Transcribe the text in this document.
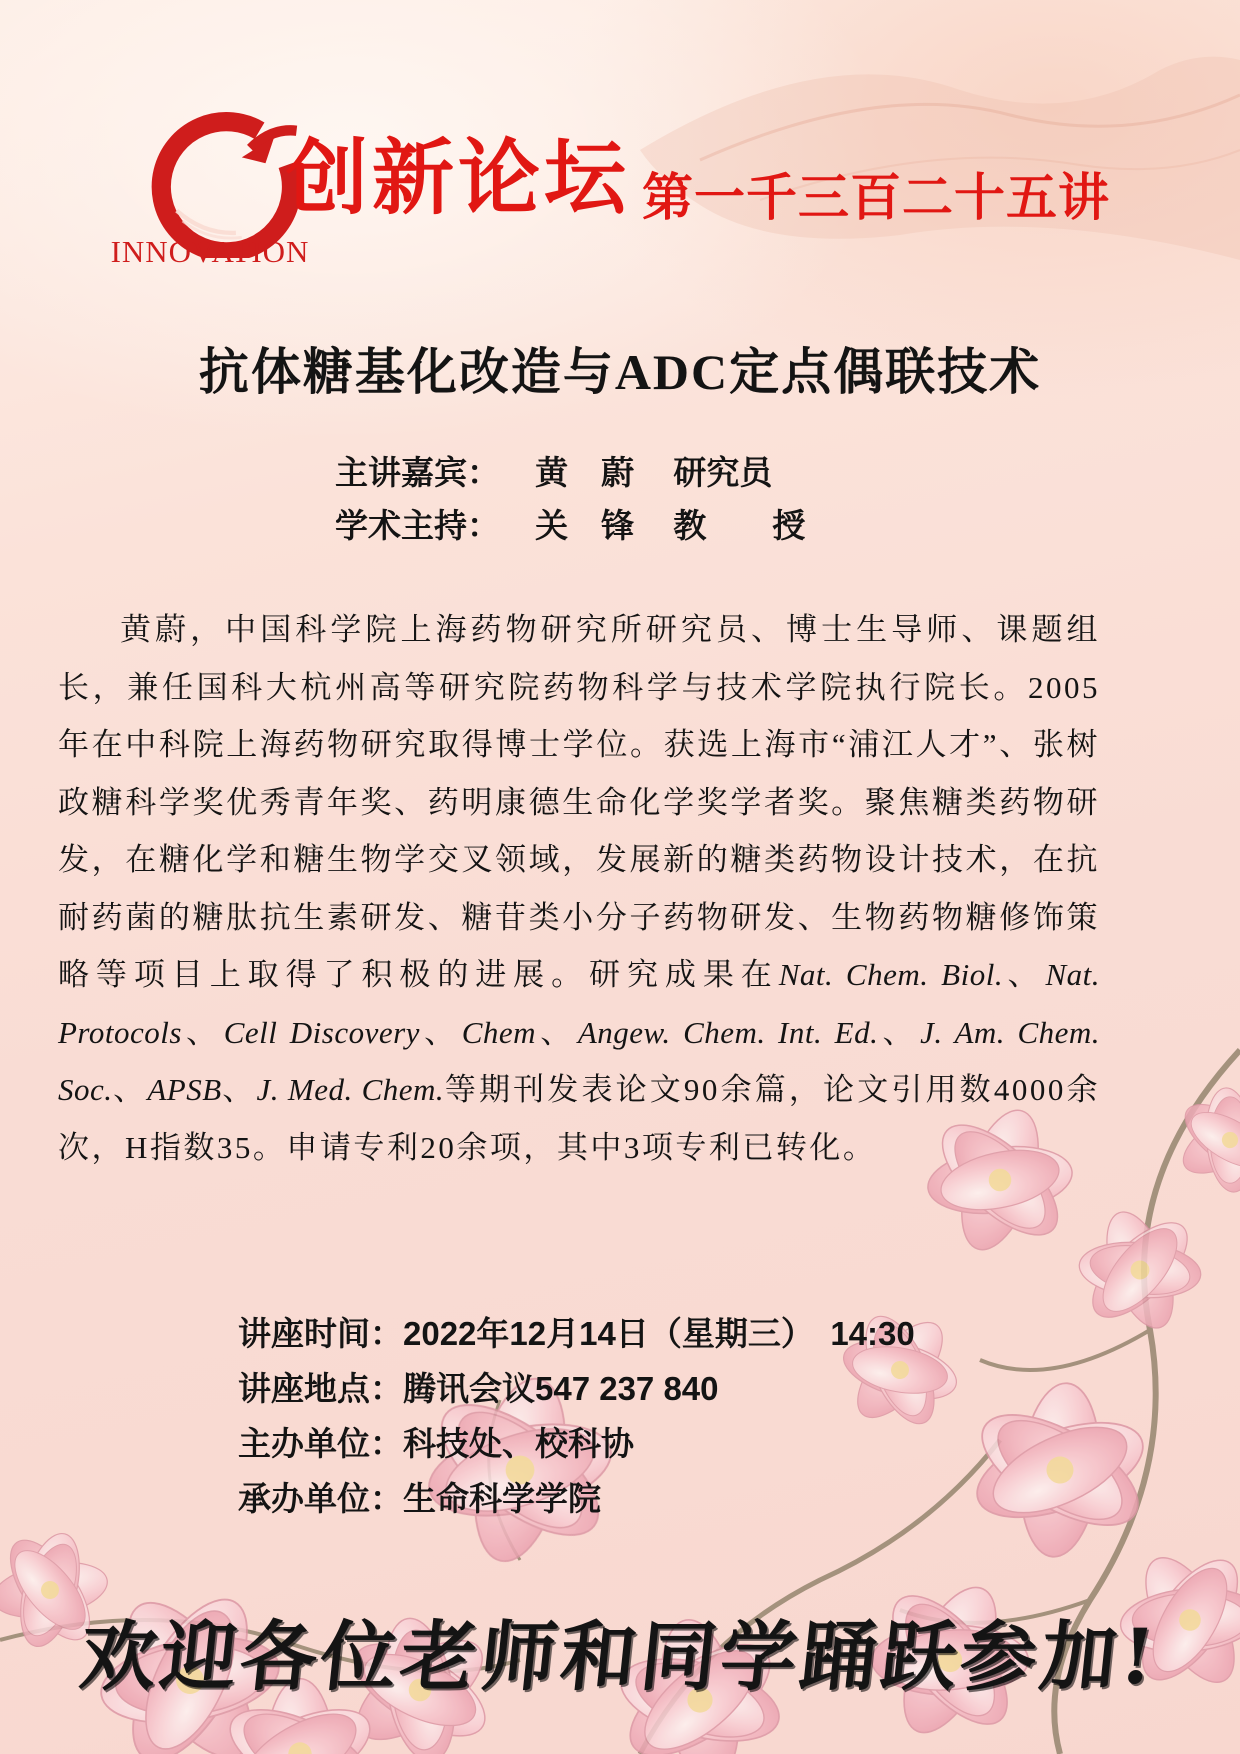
INNOVATION
创新论坛 第一千三百二十五讲
抗体糖基化改造与ADC定点偶联技术
主讲嘉宾： 黄　蔚 研究员
学术主持： 关　锋 教　　授

黄蔚，中国科学院上海药物研究所研究员、博士生导师、课题组长，兼任国科大杭州高等研究院药物科学与技术学院执行院长。2005年在中科院上海药物研究取得博士学位。获选上海市“浦江人才”、张树政糖科学奖优秀青年奖、药明康德生命化学奖学者奖。聚焦糖类药物研发，在糖化学和糖生物学交叉领域，发展新的糖类药物设计技术，在抗耐药菌的糖肽抗生素研发、糖苷类小分子药物研发、生物药物糖修饰策略等项目上取得了积极的进展。研究成果在Nat. Chem. Biol.、Nat. Protocols、Cell Discovery、Chem、Angew. Chem. Int. Ed.、J. Am. Chem. Soc.、APSB、J. Med. Chem.等期刊发表论文90余篇，论文引用数4000余次，H指数35。申请专利20余项，其中3项专利已转化。

讲座时间：2022年12月14日（星期三）　14:30
讲座地点：腾讯会议547 237 840
主办单位：科技处、校科协
承办单位：生命科学学院
欢迎各位老师和同学踊跃参加!
